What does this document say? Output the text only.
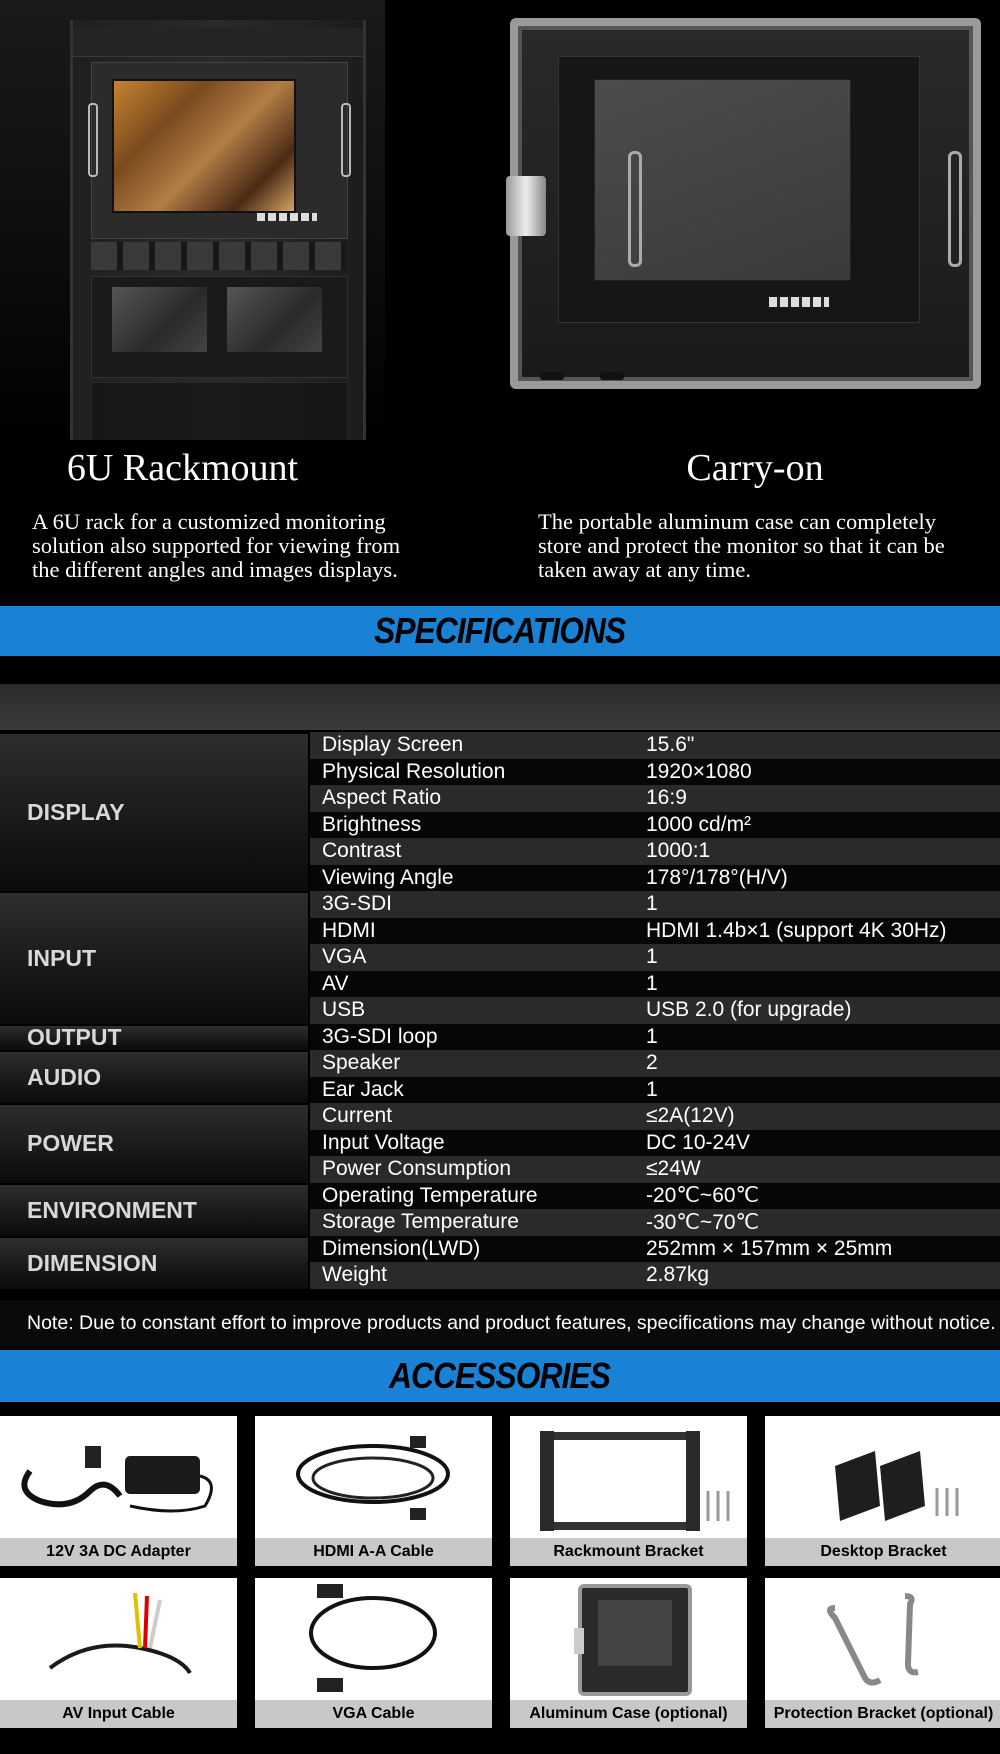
6U Rackmount	Carry-on
A 6U rack for a customized monitoring
solution also supported for viewing from
the different angles and images displays.
The portable aluminum case can completely
store and protect the monitor so that it can be
taken away at any time.
SPECIFICATIONS
DISPLAY
Display Screen	15.6"
Physical Resolution	1920×1080
Aspect Ratio	16:9
Brightness	1000 cd/m²
Contrast	1000:1
Viewing Angle	178°/178°(H/V)
INPUT
3G-SDI	1
HDMI	HDMI 1.4b×1 (support 4K 30Hz)
VGA	1
AV	1
USB	USB 2.0 (for upgrade)
OUTPUT	3G-SDI loop	1
AUDIO
Speaker	2
Ear Jack	1
POWER
Current	≤2A(12V)
Input Voltage	DC 10-24V
Power Consumption	≤24W
ENVIRONMENT
Operating Temperature	-20℃~60℃
Storage Temperature	-30℃~70℃
DIMENSION
Dimension(LWD)	252mm × 157mm × 25mm
Weight	2.87kg
Note: Due to constant effort to improve products and product features, specifications may change without notice.
ACCESSORIES
12V 3A DC Adapter	HDMI A-A Cable	Rackmount Bracket	Desktop Bracket
AV Input Cable	VGA Cable	Aluminum Case (optional)	Protection Bracket (optional)
